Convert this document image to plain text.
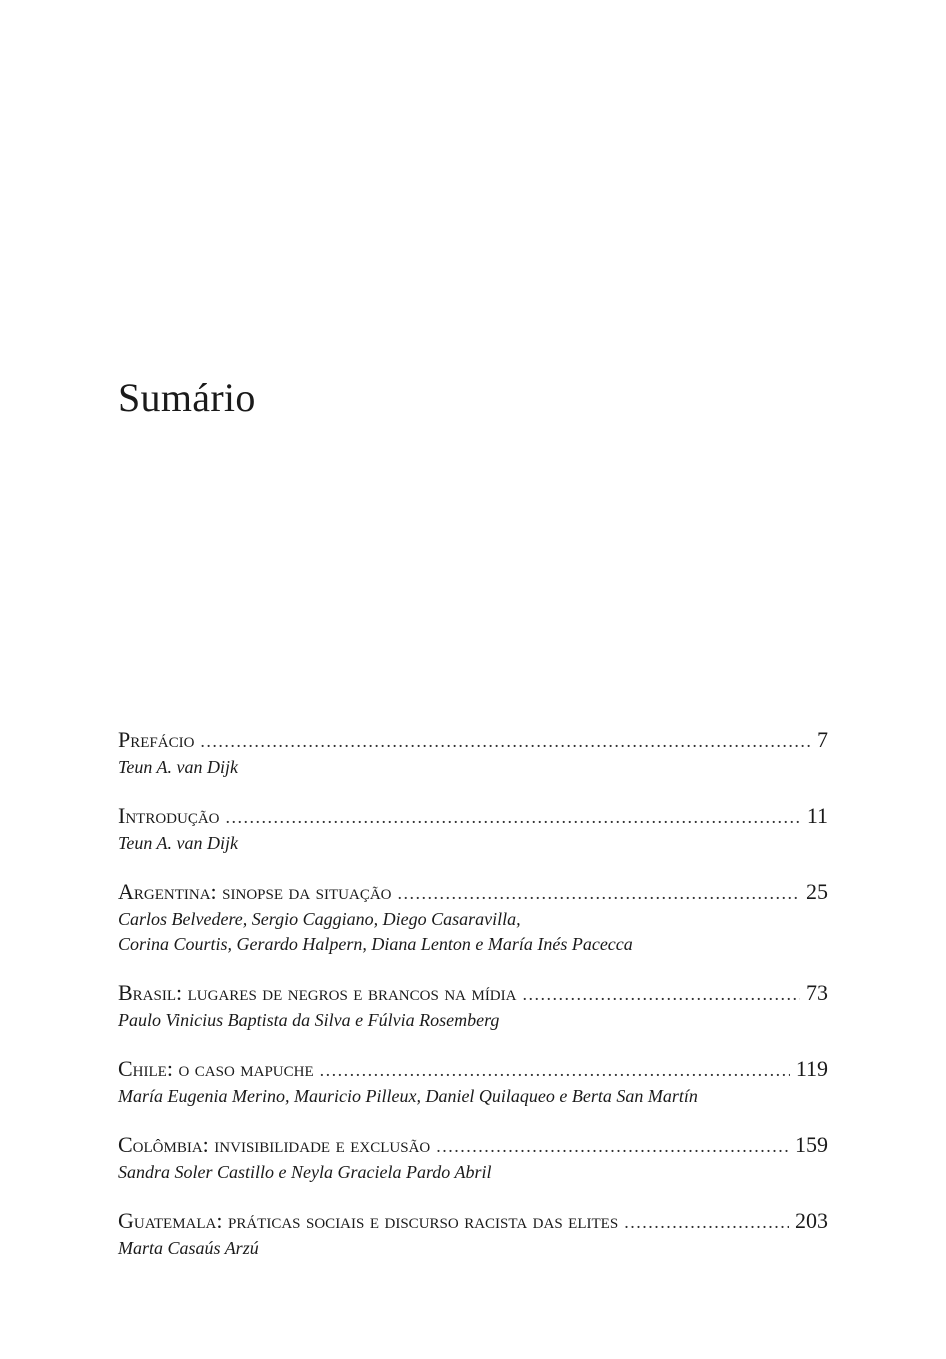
Sumário
Prefácio .....	7
Teun A. van Dijk
Introdução .....	11
Teun A. van Dijk
Argentina: sinopse da situação .....	25
Carlos Belvedere, Sergio Caggiano, Diego Casaravilla,
Corina Courtis, Gerardo Halpern, Diana Lenton e María Inés Pacecca
Brasil: lugares de negros e brancos na mídia .....	73
Paulo Vinicius Baptista da Silva e Fúlvia Rosemberg
Chile: o caso mapuche .....	119
María Eugenia Merino, Mauricio Pilleux, Daniel Quilaqueo e Berta San Martín
Colômbia: invisibilidade e exclusão .....	159
Sandra Soler Castillo e Neyla Graciela Pardo Abril
Guatemala: práticas sociais e discurso racista das elites .....	203
Marta Casaús Arzú
